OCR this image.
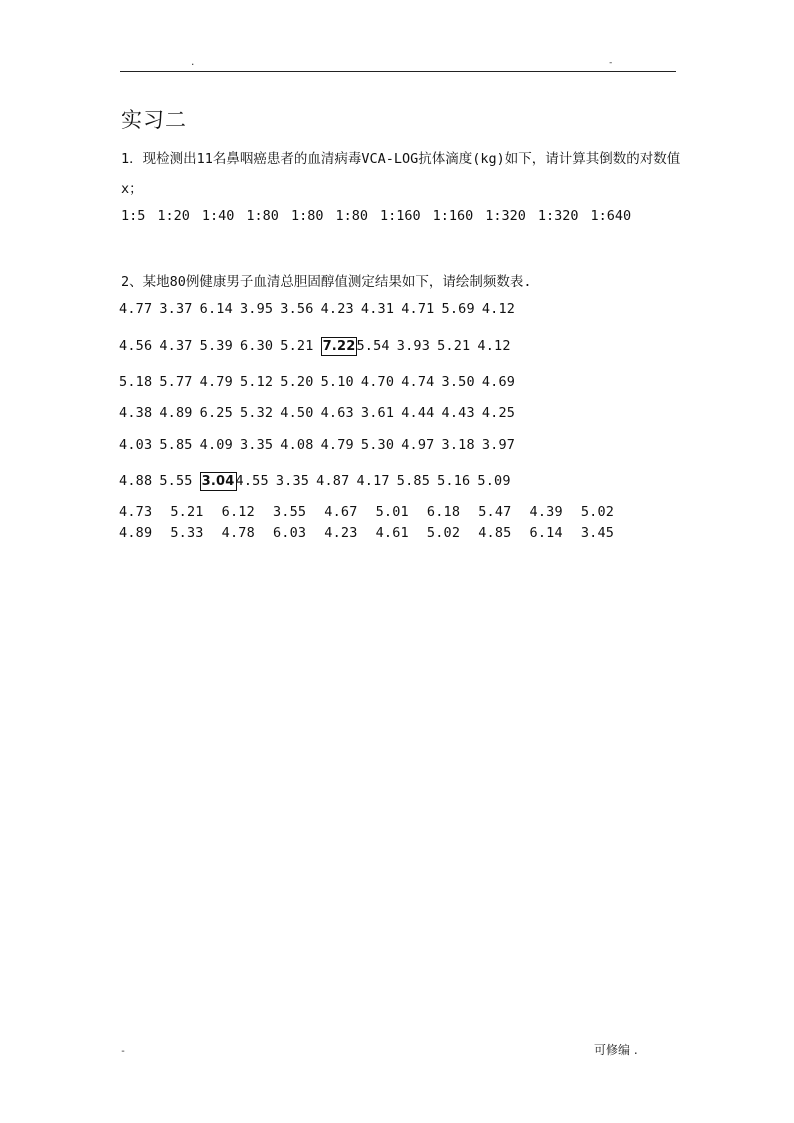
.	-
实习二
1．现检测出11名鼻咽癌患者的血清病毒VCA-LOG抗体滴度(kg)如下，请计算其倒数的对数值x；
1:5 1:20 1:40 1:80 1:80 1:80 1:160 1:160 1:320 1:320 1:640
2、某地80例健康男子血清总胆固醇值测定结果如下，请绘制频数表.
4.77 3.37 6.14 3.95 3.56 4.23 4.31 4.71 5.69 4.12
4.56 4.37 5.39 6.30 5.21 7.225.54 3.93 5.21 4.12
5.18 5.77 4.79 5.12 5.20 5.10 4.70 4.74 3.50 4.69
4.38 4.89 6.25 5.32 4.50 4.63 3.61 4.44 4.43 4.25
4.03 5.85 4.09 3.35 4.08 4.79 5.30 4.97 3.18 3.97
4.88 5.55 3.044.55 3.35 4.87 4.17 5.85 5.16 5.09
4.73 5.21 6.12 3.55 4.67 5.01 6.18 5.47 4.39 5.02
4.89 5.33 4.78 6.03 4.23 4.61 5.02 4.85 6.14 3.45
-	可修编 .
